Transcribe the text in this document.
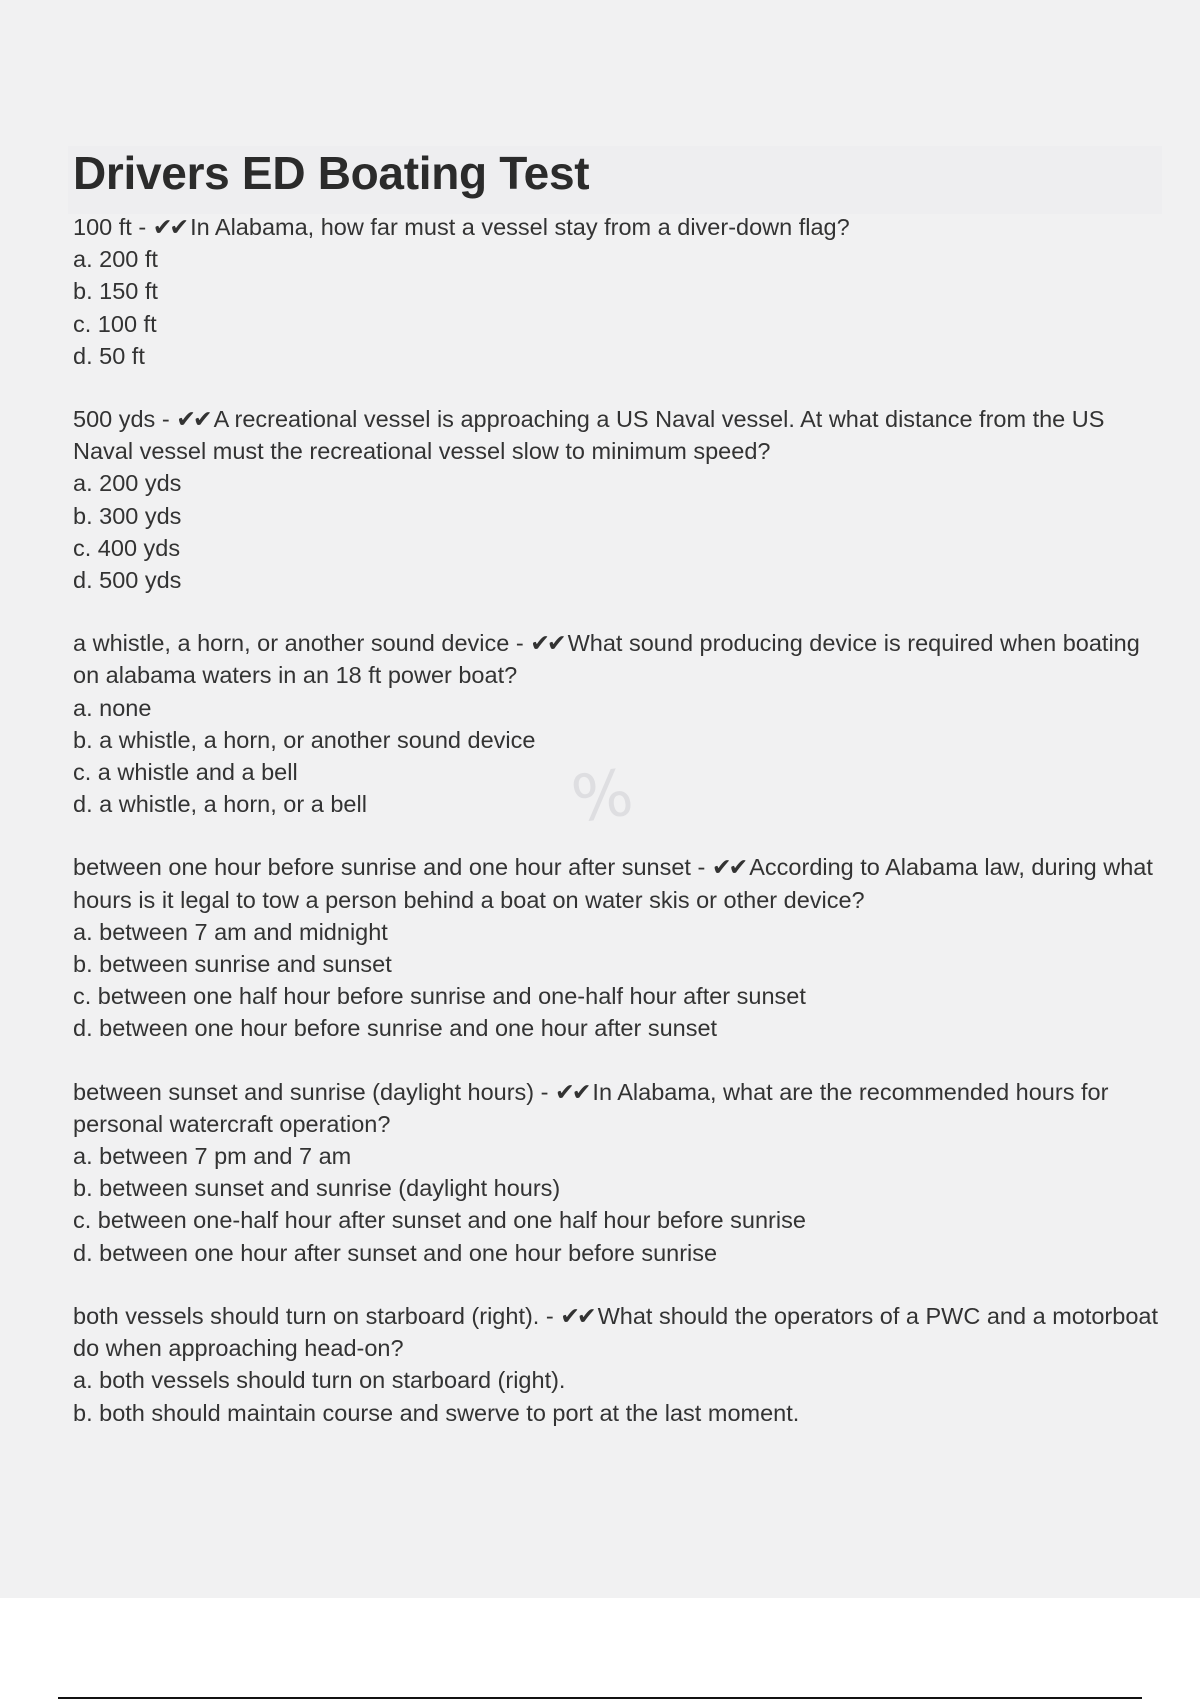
Drivers ED Boating Test
%

100 ft - ✔✔ In Alabama, how far must a vessel stay from a diver-down flag?

a. 200 ft
b. 150 ft
c. 100 ft
d. 50 ft

500 yds - ✔✔ A recreational vessel is approaching a US Naval vessel. At what distance from the US Naval vessel must the recreational vessel slow to minimum speed?

a. 200 yds
b. 300 yds
c. 400 yds
d. 500 yds

a whistle, a horn, or another sound device - ✔✔ What sound producing device is required when boating on alabama waters in an 18 ft power boat?

a. none
b. a whistle, a horn, or another sound device
c. a whistle and a bell
d. a whistle, a horn, or a bell

between one hour before sunrise and one hour after sunset - ✔✔ According to Alabama law, during what hours is it legal to tow a person behind a boat on water skis or other device?

a. between 7 am and midnight
b. between sunrise and sunset
c. between one half hour before sunrise and one-half hour after sunset
d. between one hour before sunrise and one hour after sunset

between sunset and sunrise (daylight hours) - ✔✔ In Alabama, what are the recommended hours for personal watercraft operation?

a. between 7 pm and 7 am
b. between sunset and sunrise (daylight hours)
c. between one-half hour after sunset and one half hour before sunrise
d. between one hour after sunset and one hour before sunrise

both vessels should turn on starboard (right). - ✔✔ What should the operators of a PWC and a motorboat do when approaching head-on?

a. both vessels should turn on starboard (right).
b. both should maintain course and swerve to port at the last moment.
